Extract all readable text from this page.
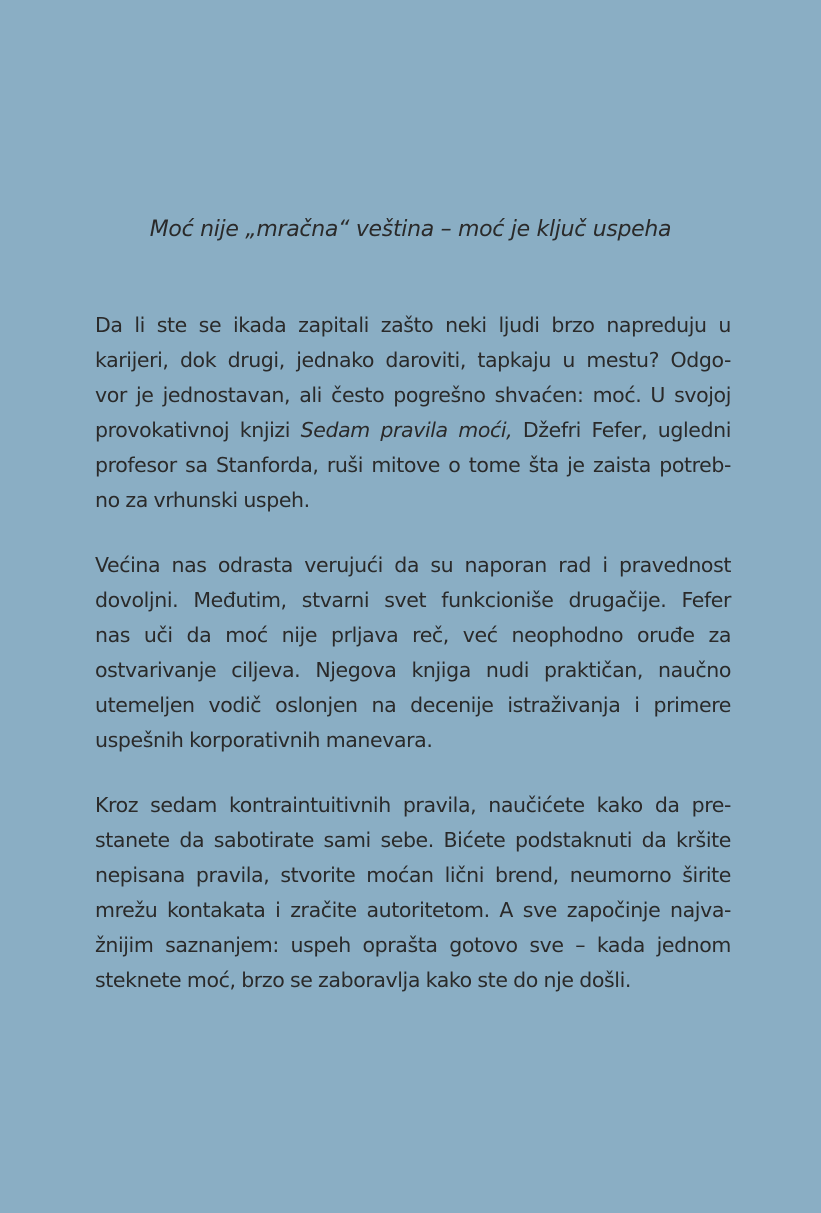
Moć nije „mračna“ veština – moć je ključ uspeha

Da li ste se ikada zapitali zašto neki ljudi brzo napreduju u
karijeri, dok drugi, jednako daroviti, tapkaju u mestu? Odgo-
vor je jednostavan, ali često pogrešno shvaćen: moć. U svojoj
provokativnoj knjizi Sedam pravila moći, Džefri Fefer, ugledni
profesor sa Stanforda, ruši mitove o tome šta je zaista potreb-
no za vrhunski uspeh.

Većina nas odrasta verujući da su naporan rad i pravednost
dovoljni. Međutim, stvarni svet funkcioniše drugačije. Fefer
nas uči da moć nije prljava reč, već neophodno oruđe za
ostvarivanje ciljeva. Njegova knjiga nudi praktičan, naučno
utemeljen vodič oslonjen na decenije istraživanja i primere
uspešnih korporativnih manevara.

Kroz sedam kontraintuitivnih pravila, naučićete kako da pre-
stanete da sabotirate sami sebe. Bićete podstaknuti da kršite
nepisana pravila, stvorite moćan lični brend, neumorno širite
mrežu kontakata i zračite autoritetom. A sve započinje najva-
žnijim saznanjem: uspeh oprašta gotovo sve – kada jednom
steknete moć, brzo se zaboravlja kako ste do nje došli.
